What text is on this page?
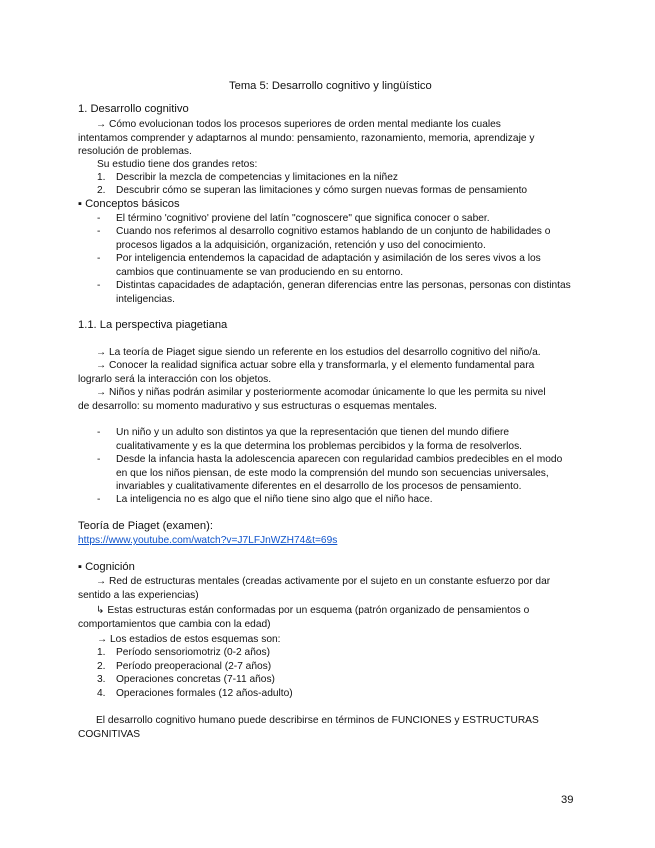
Tema 5: Desarrollo cognitivo y lingüístico
1. Desarrollo cognitivo
→ Cómo evolucionan todos los procesos superiores de orden mental mediante los cuales intentamos comprender y adaptarnos al mundo: pensamiento, razonamiento, memoria, aprendizaje y resolución de problemas.
Su estudio tiene dos grandes retos:
1. Describir la mezcla de competencias y limitaciones en la niñez
2. Descubrir cómo se superan las limitaciones y cómo surgen nuevas formas de pensamiento
▪ Conceptos básicos
- El término 'cognitivo' proviene del latín "cognoscere" que significa conocer o saber.
- Cuando nos referimos al desarrollo cognitivo estamos hablando de un conjunto de habilidades o procesos ligados a la adquisición, organización, retención y uso del conocimiento.
- Por inteligencia entendemos la capacidad de adaptación y asimilación de los seres vivos a los cambios que continuamente se van produciendo en su entorno.
- Distintas capacidades de adaptación, generan diferencias entre las personas, personas con distintas inteligencias.
1.1. La perspectiva piagetiana
→ La teoría de Piaget sigue siendo un referente en los estudios del desarrollo cognitivo del niño/a.
→ Conocer la realidad significa actuar sobre ella y transformarla, y el elemento fundamental para lograrlo será la interacción con los objetos.
→ Niños y niñas podrán asimilar y posteriormente acomodar únicamente lo que les permita su nivel de desarrollo: su momento madurativo y sus estructuras o esquemas mentales.
- Un niño y un adulto son distintos ya que la representación que tienen del mundo difiere cualitativamente y es la que determina los problemas percibidos y la forma de resolverlos.
- Desde la infancia hasta la adolescencia aparecen con regularidad cambios predecibles en el modo en que los niños piensan, de este modo la comprensión del mundo son secuencias universales, invariables y cualitativamente diferentes en el desarrollo de los procesos de pensamiento.
- La inteligencia no es algo que el niño tiene sino algo que el niño hace.
Teoría de Piaget (examen):
https://www.youtube.com/watch?v=J7LFJnWZH74&t=69s
▪ Cognición
→ Red de estructuras mentales (creadas activamente por el sujeto en un constante esfuerzo por dar sentido a las experiencias)
↳ Estas estructuras están conformadas por un esquema (patrón organizado de pensamientos o comportamientos que cambia con la edad)
→ Los estadios de estos esquemas son:
1. Período sensoriomotriz (0-2 años)
2. Período preoperacional (2-7 años)
3. Operaciones concretas (7-11 años)
4. Operaciones formales (12 años-adulto)
El desarrollo cognitivo humano puede describirse en términos de FUNCIONES y ESTRUCTURAS COGNITIVAS
39
